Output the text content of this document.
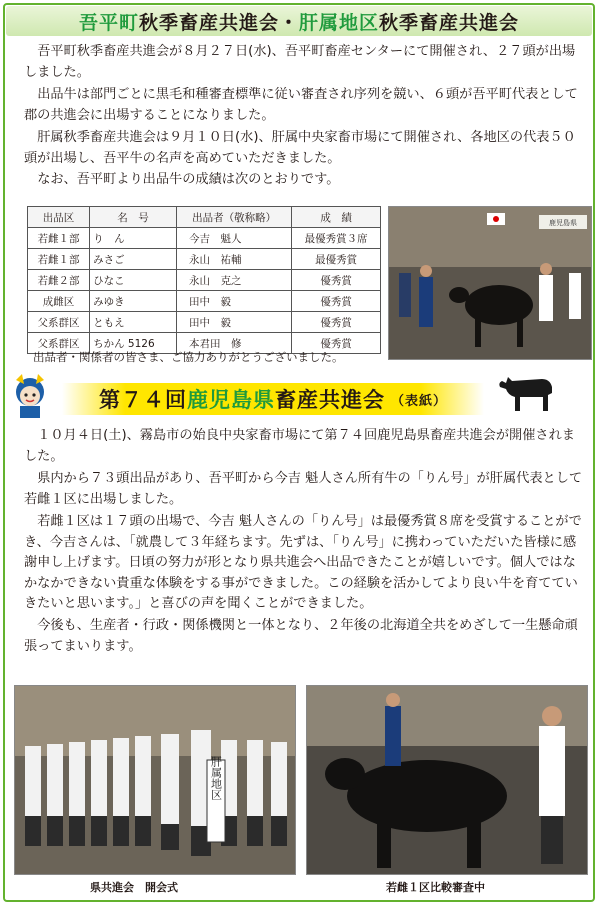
吾平町 秋季畜産共進会・ 肝属地区 秋季畜産共進会

吾平町秋季畜産共進会が８月２７日(水)、吾平町畜産センターにて開催され、２７頭が出場しました。

出品牛は部門ごとに黒毛和種審査標準に従い審査され序列を競い、６頭が吾平町代表として郡の共進会に出場することになりました。

肝属秋季畜産共進会は９月１０日(水)、肝属中央家畜市場にて開催され、各地区の代表５０頭が出場し、吾平牛の名声を高めていただきました。

なお、吾平町より出品牛の成績は次のとおりです。

出品区	名　号	出品者（敬称略）	成　績
若雌１部	り　ん	今吉　魁人	最優秀賞３席
若雌１部	みさご	永山　祐輔	最優秀賞
若雌２部	ひなこ	永山　克之	優秀賞
成雌区	みゆき	田中　毅	優秀賞
父系群区	ともえ	田中　毅	優秀賞
父系群区	ちかん 5126	本君田　修	優秀賞
出品者・関係者の皆さま、ご協力ありがとうございました。
鹿児島県
第７４回 鹿児島県 畜産共進会 （表紙）

１０月４日(土)、霧島市の始良中央家畜市場にて第７４回鹿児島県畜産共進会が開催されました。

県内から７３頭出品があり、吾平町から今吉 魁人さん所有牛の「りん号」が肝属代表として若雌１区に出場しました。

若雌１区は１７頭の出場で、今吉 魁人さんの「りん号」は最優秀賞８席を受賞することができ、今吉さんは、「就農して３年経ちます。先ずは、「りん号」に携わっていただいた皆様に感謝申し上げます。日頃の努力が形となり県共進会へ出品できたことが嬉しいです。個人ではなかなかできない貴重な体験をする事ができました。この経験を活かしてより良い牛を育てていきたいと思います。」と喜びの声を聞くことができました。

今後も、生産者・行政・関係機関と一体となり、２年後の北海道全共をめざして一生懸命頑張ってまいります。

肝属地区
県共進会　開会式	若雌１区比較審査中
